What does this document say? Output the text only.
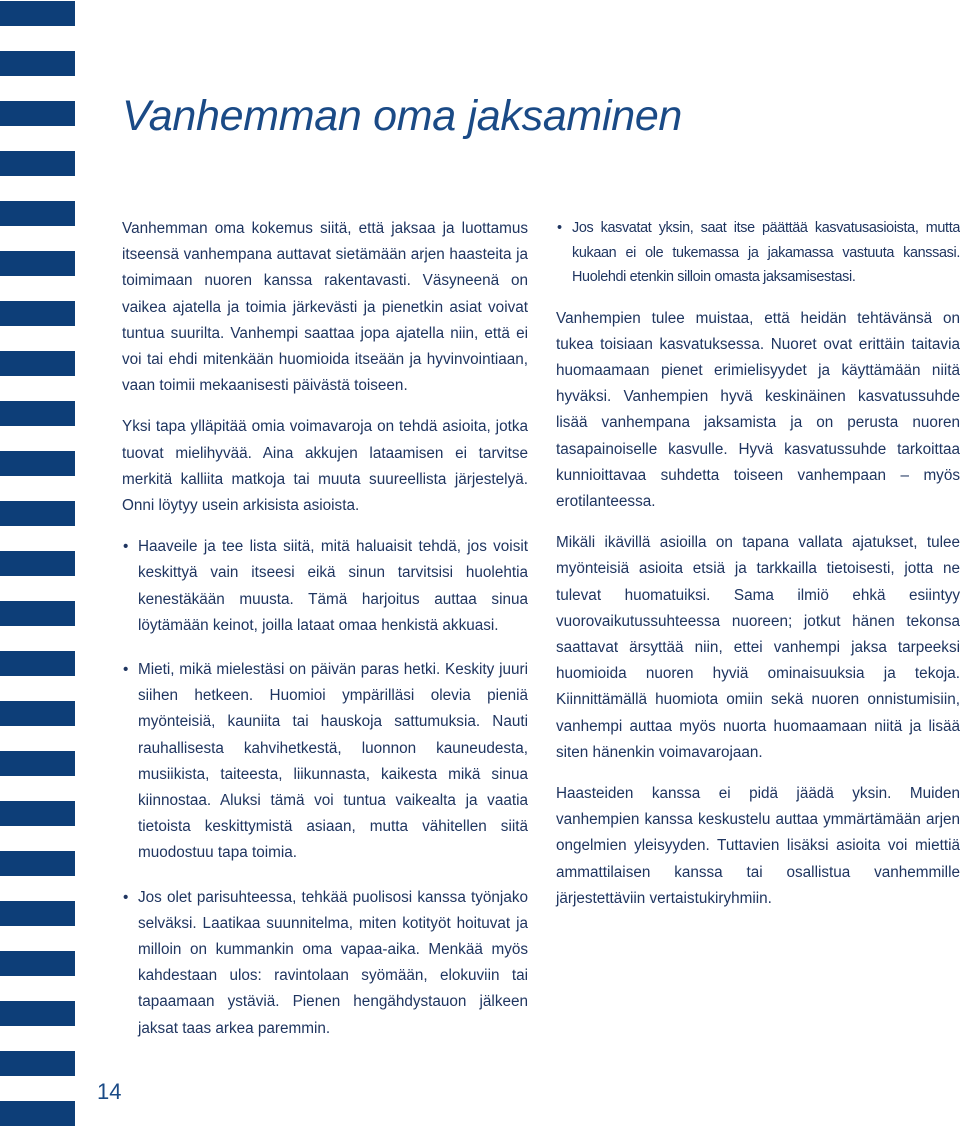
Vanhemman oma jaksaminen

Vanhemman oma kokemus siitä, että jaksaa ja luottamus itseensä vanhempana auttavat sietämään arjen haasteita ja toimimaan nuoren kanssa rakentavasti. Väsyneenä on vaikea ajatella ja toimia järkevästi ja pienetkin asiat voivat tuntua suurilta. Vanhempi saattaa jopa ajatella niin, että ei voi tai ehdi mitenkään huomioida itseään ja hyvinvointiaan, vaan toimii mekaanisesti päivästä toiseen.

Yksi tapa ylläpitää omia voimavaroja on tehdä asioita, jotka tuovat mielihyvää. Aina akkujen lataamisen ei tarvitse merkitä kalliita matkoja tai muuta suureellista järjestelyä. Onni löytyy usein arkisista asioista.

• Haaveile ja tee lista siitä, mitä haluaisit tehdä, jos voisit keskittyä vain itseesi eikä sinun tarvitsisi huolehtia kenestäkään muusta. Tämä harjoitus auttaa sinua löytämään keinot, joilla lataat omaa henkistä akkuasi.
• Mieti, mikä mielestäsi on päivän paras hetki. Keskity juuri siihen hetkeen. Huomioi ympärilläsi olevia pieniä myönteisiä, kauniita tai hauskoja sattumuksia. Nauti rauhallisesta kahvihetkestä, luonnon kauneudesta, musiikista, taiteesta, liikunnasta, kaikesta mikä sinua kiinnostaa. Aluksi tämä voi tuntua vaikealta ja vaatia tietoista keskittymistä asiaan, mutta vähitellen siitä muodostuu tapa toimia.
• Jos olet parisuhteessa, tehkää puolisosi kanssa työnjako selväksi. Laatikaa suunnitelma, miten kotityöt hoituvat ja milloin on kummankin oma vapaa-aika. Menkää myös kahdestaan ulos: ravintolaan syömään, elokuviin tai tapaamaan ystäviä. Pienen hengähdystauon jälkeen jaksat taas arkea paremmin.
• Jos kasvatat yksin, saat itse päättää kasvatusasioista, mutta kukaan ei ole tukemassa ja jakamassa vastuuta kanssasi. Huolehdi etenkin silloin omasta jaksamisestasi.

Vanhempien tulee muistaa, että heidän tehtävänsä on tukea toisiaan kasvatuksessa. Nuoret ovat erittäin taitavia huomaamaan pienet erimielisyydet ja käyttämään niitä hyväksi. Vanhempien hyvä keskinäinen kasvatussuhde lisää vanhempana jaksamista ja on perusta nuoren tasapainoiselle kasvulle. Hyvä kasvatussuhde tarkoittaa kunnioittavaa suhdetta toiseen vanhempaan – myös erotilanteessa.

Mikäli ikävillä asioilla on tapana vallata ajatukset, tulee myönteisiä asioita etsiä ja tarkkailla tietoisesti, jotta ne tulevat huomatuiksi. Sama ilmiö ehkä esiintyy vuorovaikutussuhteessa nuoreen; jotkut hänen tekonsa saattavat ärsyttää niin, ettei vanhempi jaksa tarpeeksi huomioida nuoren hyviä ominaisuuksia ja tekoja. Kiinnittämällä huomiota omiin sekä nuoren onnistumisiin, vanhempi auttaa myös nuorta huomaamaan niitä ja lisää siten hänenkin voimavarojaan.

Haasteiden kanssa ei pidä jäädä yksin. Muiden vanhempien kanssa keskustelu auttaa ymmärtämään arjen ongelmien yleisyyden. Tuttavien lisäksi asioita voi miettiä ammattilaisen kanssa tai osallistua vanhemmille järjestettäviin vertaistukiryhmiin.

14
